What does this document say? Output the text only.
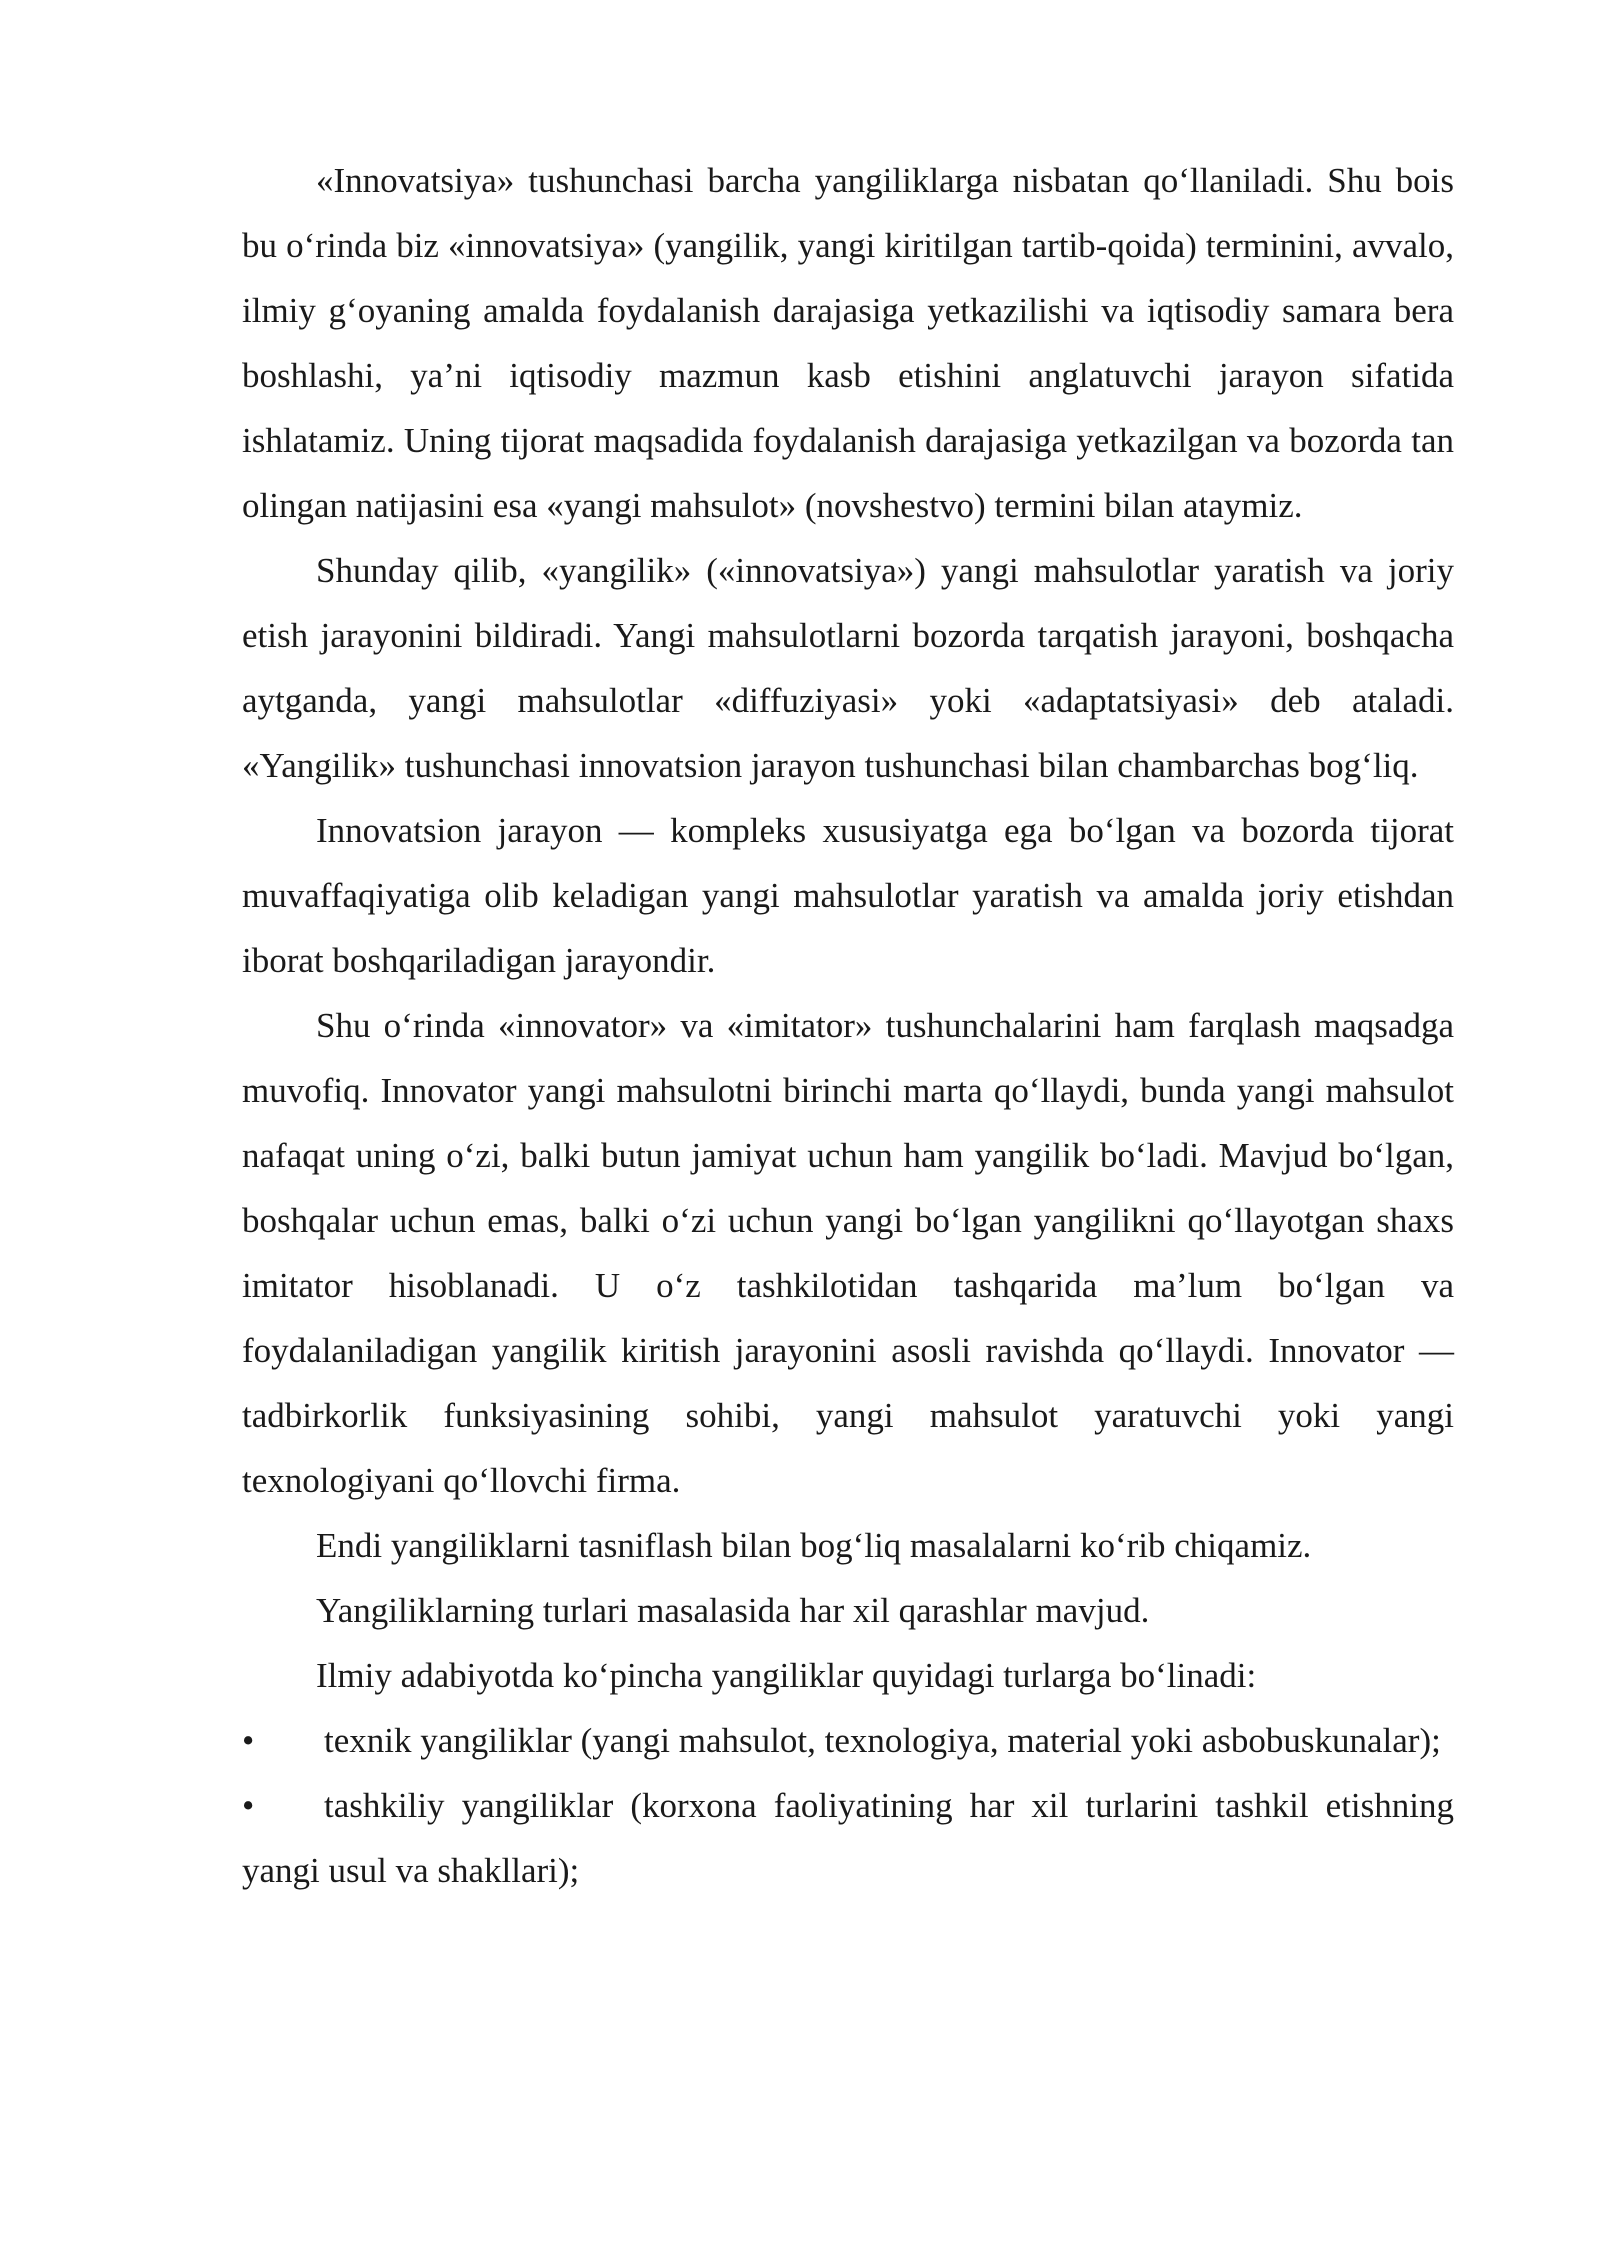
«Innovatsiya» tushunchasi barcha yangiliklarga nisbatan qo‘llaniladi. Shu bois bu o‘rinda biz «innovatsiya» (yangilik, yangi kiritilgan tartib-qoida) terminini, avvalo, ilmiy g‘oyaning amalda foydalanish darajasiga yetkazilishi va iqtisodiy samara bera boshlashi, ya’ni iqtisodiy mazmun kasb etishini anglatuvchi jarayon sifatida ishlatamiz. Uning tijorat maqsadida foydalanish darajasiga yetkazilgan va bozorda tan olingan natijasini esa «yangi mahsulot» (novshestvo) termini bilan ataymiz.

Shunday qilib, «yangilik» («innovatsiya») yangi mahsulotlar yaratish va joriy etish jarayonini bildiradi. Yangi mahsulotlarni bozorda tarqatish jarayoni, boshqacha aytganda, yangi mahsulotlar «diffuziyasi» yoki «adaptatsiyasi» deb ataladi. «Yangilik» tushunchasi innovatsion jarayon tushunchasi bilan chambarchas bog‘liq.

Innovatsion jarayon — kompleks xususiyatga ega bo‘lgan va bozorda tijorat muvaffaqiyatiga olib keladigan yangi mahsulotlar yaratish va amalda joriy etishdan iborat boshqariladigan jarayondir.

Shu o‘rinda «innovator» va «imitator» tushunchalarini ham farqlash maqsadga muvofiq. Innovator yangi mahsulotni birinchi marta qo‘llaydi, bunda yangi mahsulot nafaqat uning o‘zi, balki butun jamiyat uchun ham yangilik bo‘ladi. Mavjud bo‘lgan, boshqalar uchun emas, balki o‘zi uchun yangi bo‘lgan yangilikni qo‘llayotgan shaxs imitator hisoblanadi. U o‘z tashkilotidan tashqarida ma’lum bo‘lgan va foydalaniladigan yangilik kiritish jarayonini asosli ravishda qo‘llaydi. Innovator — tadbirkorlik funksiyasining sohibi, yangi mahsulot yaratuvchi yoki yangi texnologiyani qo‘llovchi firma.

Endi yangiliklarni tasniflash bilan bog‘liq masalalarni ko‘rib chiqamiz.

Yangiliklarning turlari masalasida har xil qarashlar mavjud.

Ilmiy adabiyotda ko‘pincha yangiliklar quyidagi turlarga bo‘linadi:

• texnik yangiliklar (yangi mahsulot, texnologiya, material yoki asbobuskunalar);

• tashkiliy yangiliklar (korxona faoliyatining har xil turlarini tashkil etishning yangi usul va shakllari);
